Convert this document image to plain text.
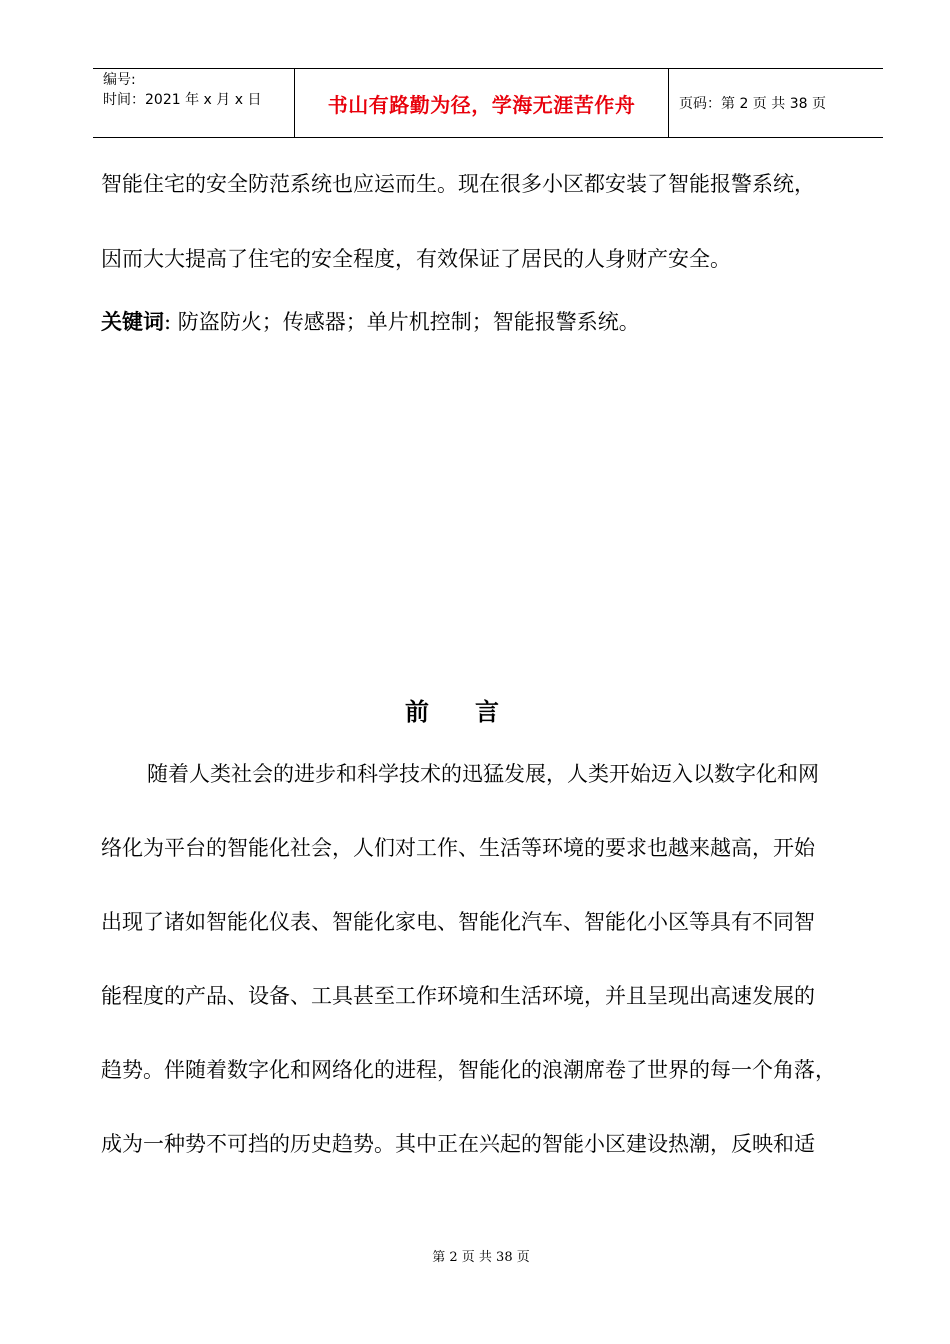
编号:
时间：2021 年 x 月 x 日	书山有路勤为径，学海无涯苦作舟	页码：第 2 页 共 38 页
智能住宅的安全防范系统也应运而生。现在很多小区都安装了智能报警系统，
因而大大提高了住宅的安全程度，有效保证了居民的人身财产安全。
关键词: 防盗防火；传感器；单片机控制；智能报警系统。
前言
随着人类社会的进步和科学技术的迅猛发展，人类开始迈入以数字化和网
络化为平台的智能化社会，人们对工作、生活等环境的要求也越来越高，开始
出现了诸如智能化仪表、智能化家电、智能化汽车、智能化小区等具有不同智
能程度的产品、设备、工具甚至工作环境和生活环境，并且呈现出高速发展的
趋势。伴随着数字化和网络化的进程，智能化的浪潮席卷了世界的每一个角落，
成为一种势不可挡的历史趋势。其中正在兴起的智能小区建设热潮，反映和适
第 2 页 共 38 页
